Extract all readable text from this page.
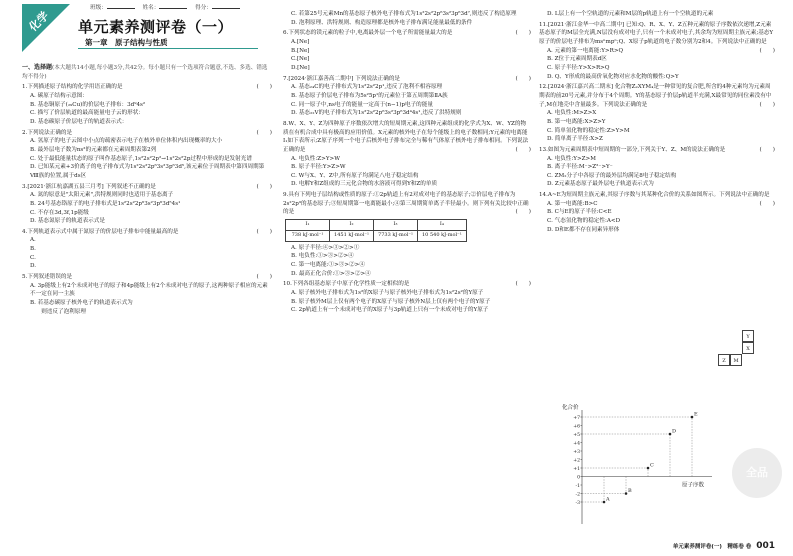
化学
班级：	姓名：	得分：
单元素养测评卷（一）
第一章　原子结构与性质
一、选择题(本大题共14小题,每小题3分,共42分。每小题只有一个选项符合题意,不选、多选、错选均不得分)
1.下列描述原子结构的化学用语正确的是	(　　)
A. 碳原子结构示意图：
B. 基态铜原子(₂₉Cu)的价层电子排布：3d⁹4s²
C. 描写了价层轨道的最高能量电子云的形状：
D. 基态碳原子价层电子的轨道表示式：
2.下列说法正确的是	(　　)
A. 氢原子的电子云图中小点的疏密表示电子在核外单位体积内出现概率的大小
B. 最外层电子数为ns²的元素都在元素周期表第2列
C. 处于最低能量状态的原子叫作基态原子,1s²2s²2p²→1s²2s²2p过程中形成的是发射光谱
D. 已知某元素+3价离子的电子排布式为1s²2s²2p⁶3s²3p⁶3d⁵,该元素位于周期表中第四周期第Ⅷ族的位置,属于ds区
3.[2021·浙江杭嘉湖五县三月考] 下列叙述不正确的是	(　　)
A. 氮的原意是"太阳元素",洪特规则同时也适用于基态离子
B. 24号基态铬原子的电子排布式是1s²2s²2p⁶3s²3p⁶3d⁵4s¹
C. 不存在3d,3f,1p能级
D. 基态氮原子的轨道表示式是
4.下列轨道表示式中属于氮原子的价层电子排布中能量最高的是	(　　)
A.
B.
C.
D.
5.下列叙述错误的是	(　　)
A. 3p能级上有2个未成对电子的原子和4p能级上有2个未成对电子的原子,这两种原子相应的元素不一定在同一主族
B. 若基态碳原子核外电子的轨道表示式为
　　则违反了泡利原理
C. 若第25号元素Mn的基态原子核外电子排布式为1s²2s²2p⁶3s²3p⁶3d⁷,则违反了构造原理
D. 泡利原理、洪特规则、构造原理都是核外电子排布满足能量最低的条件
6.下列状态的镁元素的粒子中,电离最外层一个电子所需能量最大的是	(　　)
A.[Ne]
B.[Ne]
C.[Ne]
D.[Ne]
7.[2024·浙江嘉善高二期中] 下列说法正确的是	(　　)
A. 基态₂₄C的电子排布式为1s²2s²2p¹,违反了泡利不相容原理
B. 基态原子价层电子排布为5s²5p¹的元素位于第五周期第ⅡA族
C. 同一原子中,ns电子的能量一定高于(n−1)p电子的能量
D. 基态₂₂V的电子排布式为1s²2s²2p⁶3s²3p⁶3d⁴4s¹,违反了洪特规则
8.W、X、Y、Z为四种原子序数依次增大的短周期元素,这四种元素组成的化学式为X、W、YZ的物质在有机合成中具有极高的应用价值。X元素的核外电子在每个能级上的电子数相同;Y元素的电离能I₁如下表所示;Z原子序列一个电子后核外电子排布完全与稀有气体原子核外电子排布相同。下列说法正确的是	(　　)
A. 电负性:Z>Y>W
B. 原子半径:Y>Z>W
C. W与X、Y、Z中,所有原子均满足八电子稳定结构
D. 电解Y和Z组成的三元化合物的水溶液可得到Y和Z的单质
9.具有下列电子层结构或性质的原子:①2p轨道上有2对成对电子的基态原子;②价层电子排布为2s²2p³的基态原子;③短周期第一电离能最小;④第三周期简单离子半径最小。则下列有关比较中正确的是	(　　)
I₁	I₂	I₃	I₄
738 kJ·mol⁻¹	1451 kJ·mol⁻¹	7733 kJ·mol⁻¹	10 540 kJ·mol⁻¹
A. 原子半径:④>③>②>①
B. 电负性:①>③>②>④
C. 第一电离能:①>③>②>④
D. 最高正化合价:①>③>②>④
10.下列各组基态原子中原子化学性质一定相似的是	(　　)
A. 原子核外电子排布式为1s²的X原子与原子核外电子排布式为1s²2s²的Y原子
B. 原子核外M层上仅有两个电子的X原子与原子核外N层上仅有两个电子的Y原子
C. 2p轨道上有一个未成对电子的X原子与3p轨道上只有一个未成对电子的Y原子
D. L层上有一个空轨道的元素和M层的p轨道上有一个空轨道的元素
11.[2021·浙江金华一中高二期中] 已知:Q、R、X、Y、Z五种元素的原子序数依次递增,Z元素基态原子的M层全充满,N层没有成对电子,只有一个未成对电子,其余均为短周期主族元素;基态Y原子的价层电子排布为msⁿmpⁿ;Q、X原子p轨道的电子数分别为2和4。下列说法中正确的是
(　　)
A. 元素的第一电离能:Y>R>Q
B. Z位于元素周期表d区
C. 原子半径:Y>X>R>Q
D. Q、Y形成的最高价氧化物对应水化物的酸性:Q>Y
12.[2024·浙江嘉兴高二期末] 化合物Z₂XYM₄是一种常见的复合肥,所含的4种元素均为元素周期表的前20号元素,并分布于4个周期。Y的基态原子价层p轨道半充满,X最常见的同位素没有中子,M在地壳中含量最多。下列说法正确的是	(　　)
A. 电负性:M>Z>X
B. 第一电离能:X>Z>Y
C. 简单氢化物的稳定性:Z>Y>M
D. 简单离子半径:X>Z
13.如图为元素周期表中短周期的一部分,下列关于Y、Z、M的说法正确的是	(　　)
A. 电负性:Y>Z>M
B. 离子半径:M⁻>Z²⁻>Y⁻
C. ZM₂分子中各原子的最外层均满足8电子稳定结构
D. Z元素基态原子最外层电子轨道表示式为
14.A~E为短周期主族元素,其原子序数与其某种化合价的关系如图所示。下列说法中正确的是
(　　)
A. 第一电离能:B>C
B. C与E的原子半径:C<E
C. 气态氢化物的稳定性:A<D
D. D和E都不存在同素异形体
Y
X
Z	M
化合价
原子序数
+7
+6
+5
+4
+3
+2
+1
0
-1
-2
-3
A
B
C
D
E
全品
单元素养测评卷(一)　精练卷 卷 001
